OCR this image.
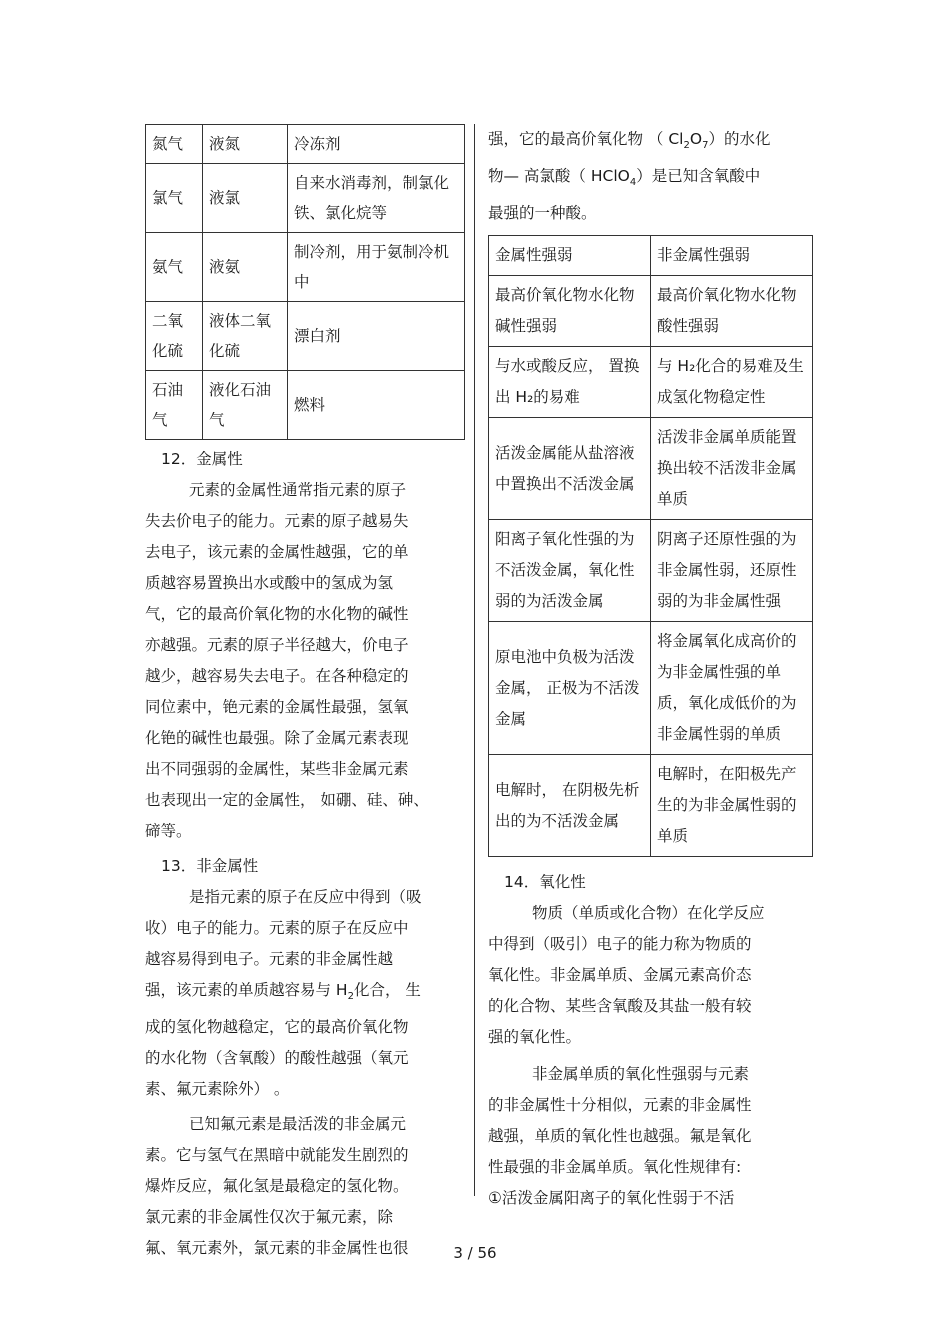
氮气	液氮	冷冻剂
氯气	液氯	自来水消毒剂，制氯化铁、氯化烷等
氨气	液氨	制冷剂，用于氨制冷机中
二氧化硫	液体二氧化硫	漂白剂
石油气	液化石油气	燃料

12．金属性

元素的金属性通常指元素的原子

失去价电子的能力。元素的原子越易失

去电子，该元素的金属性越强，它的单

质越容易置换出水或酸中的氢成为氢

气，它的最高价氧化物的水化物的碱性

亦越强。元素的原子半径越大，价电子

越少，越容易失去电子。在各种稳定的

同位素中，铯元素的金属性最强，氢氧

化铯的碱性也最强。除了金属元素表现

出不同强弱的金属性，某些非金属元素

也表现出一定的金属性， 如硼、硅、砷、

碲等。

13．非金属性

是指元素的原子在反应中得到（吸

收）电子的能力。元素的原子在反应中

越容易得到电子。元素的非金属性越

强，该元素的单质越容易与 $H_2$化合， 生

成的氢化物越稳定，它的最高价氧化物

的水化物（含氧酸）的酸性越强（氧元

素、氟元素除外） 。

已知氟元素是最活泼的非金属元

素。它与氢气在黑暗中就能发生剧烈的

爆炸反应，氟化氢是最稳定的氢化物。

氯元素的非金属性仅次于氟元素，除

氟、氧元素外，氯元素的非金属性也很

强，它的最高价氧化物 （ $Cl_2O_7$）的水化

物— 高氯酸（ HClO$_4$）是已知含氧酸中

最强的一种酸。

金属性强弱	非金属性强弱
最高价氧化物水化物碱性强弱	最高价氧化物水化物酸性强弱
与水或酸反应， 置换出 H₂的易难	与 H₂化合的易难及生成氢化物稳定性
活泼金属能从盐溶液中置换出不活泼金属	活泼非金属单质能置换出较不活泼非金属单质
阳离子氧化性强的为不活泼金属，氧化性弱的为活泼金属	阴离子还原性强的为非金属性弱，还原性弱的为非金属性强
原电池中负极为活泼金属， 正极为不活泼金属	将金属氧化成高价的为非金属性强的单质，氧化成低价的为非金属性弱的单质
电解时， 在阴极先析出的为不活泼金属	电解时，在阳极先产生的为非金属性弱的单质

14．氧化性

物质（单质或化合物）在化学反应

中得到（吸引）电子的能力称为物质的

氧化性。非金属单质、金属元素高价态

的化合物、某些含氧酸及其盐一般有较

强的氧化性。

非金属单质的氧化性强弱与元素

的非金属性十分相似，元素的非金属性

越强，单质的氧化性也越强。氟是氧化

性最强的非金属单质。氧化性规律有:

①活泼金属阳离子的氧化性弱于不活

3 / 56
